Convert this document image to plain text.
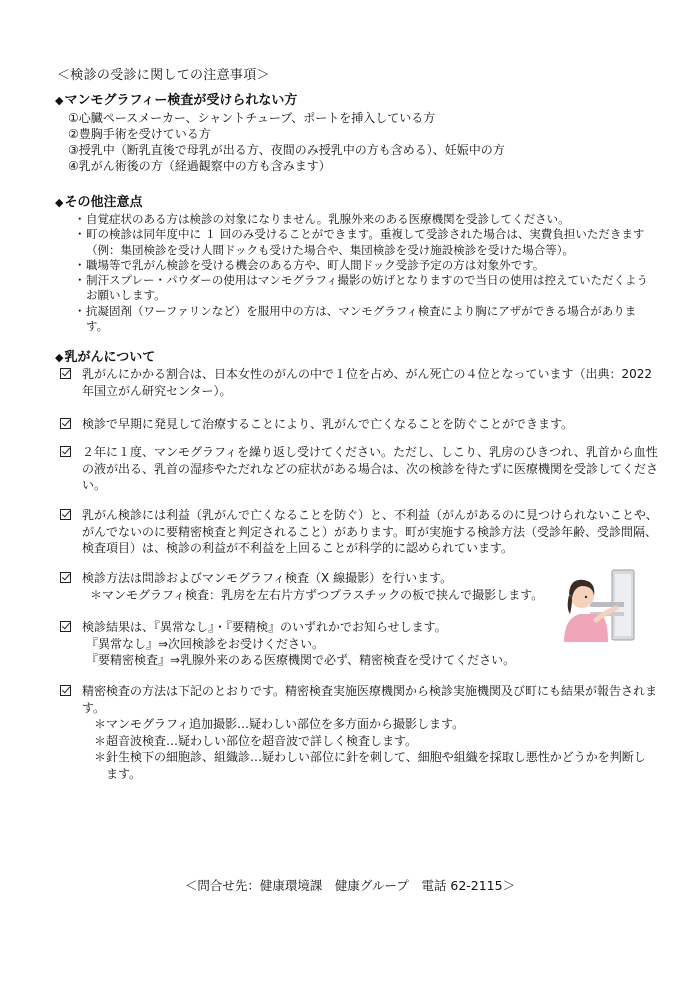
＜検診の受診に関しての注意事項＞
◆マンモグラフィー検査が受けられない方
①心臓ペースメーカー、シャントチューブ、ポートを挿入している方
②豊胸手術を受けている方
③授乳中（断乳直後で母乳が出る方、夜間のみ授乳中の方も含める）、妊娠中の方
④乳がん術後の方（経過観察中の方も含みます）
◆その他注意点
・ 自覚症状のある方は検診の対象になりません。乳腺外来のある医療機関を受診してください。
・ 町の検診は同年度中に １ 回のみ受けることができます。重複して受診された場合は、実費負担いただきます（例：集団検診を受け人間ドックも受けた場合や、集団検診を受け施設検診を受けた場合等）。
・ 職場等で乳がん検診を受ける機会のある方や、町人間ドック受診予定の方は対象外です。
・ 制汗スプレー・パウダーの使用はマンモグラフィ撮影の妨げとなりますので当日の使用は控えていただくようお願いします。
・ 抗凝固剤（ワーファリンなど）を服用中の方は、マンモグラフィ検査により胸にアザができる場合があります。
◆乳がんについて
乳がんにかかる割合は、日本女性のがんの中で１位を占め、がん死亡の４位となっています（出典：2022 年国立がん研究センター）。
検診で早期に発見して治療することにより、乳がんで亡くなることを防ぐことができます。
２年に１度、マンモグラフィを繰り返し受けてください。ただし、しこり、乳房のひきつれ、乳首から血性の液が出る、乳首の湿疹やただれなどの症状がある場合は、次の検診を待たずに医療機関を受診してください。
乳がん検診には利益（乳がんで亡くなることを防ぐ）と、不利益（がんがあるのに見つけられないことや、がんでないのに要精密検査と判定されること）があります。町が実施する検診方法（受診年齢、受診間隔、検査項目）は、検診の利益が不利益を上回ることが科学的に認められています。
検診方法は問診およびマンモグラフィ検査（X 線撮影）を行います。
＊マンモグラフィ検査：乳房を左右片方ずつプラスチックの板で挟んで撮影します。
検診結果は、『異常なし』・『要精検』のいずれかでお知らせします。
『異常なし』⇒次回検診をお受けください。
『要精密検査』⇒乳腺外来のある医療機関で必ず、精密検査を受けてください。
精密検査の方法は下記のとおりです。精密検査実施医療機関から検診実施機関及び町にも結果が報告されます。
＊マンモグラフィ追加撮影…疑わしい部位を多方面から撮影します。
＊超音波検査…疑わしい部位を超音波で詳しく検査します。
＊針生検下の細胞診、組織診…疑わしい部位に針を刺して、細胞や組織を採取し悪性かどうかを判断します。
＜問合せ先：健康環境課　健康グループ　電話 62-2115＞
